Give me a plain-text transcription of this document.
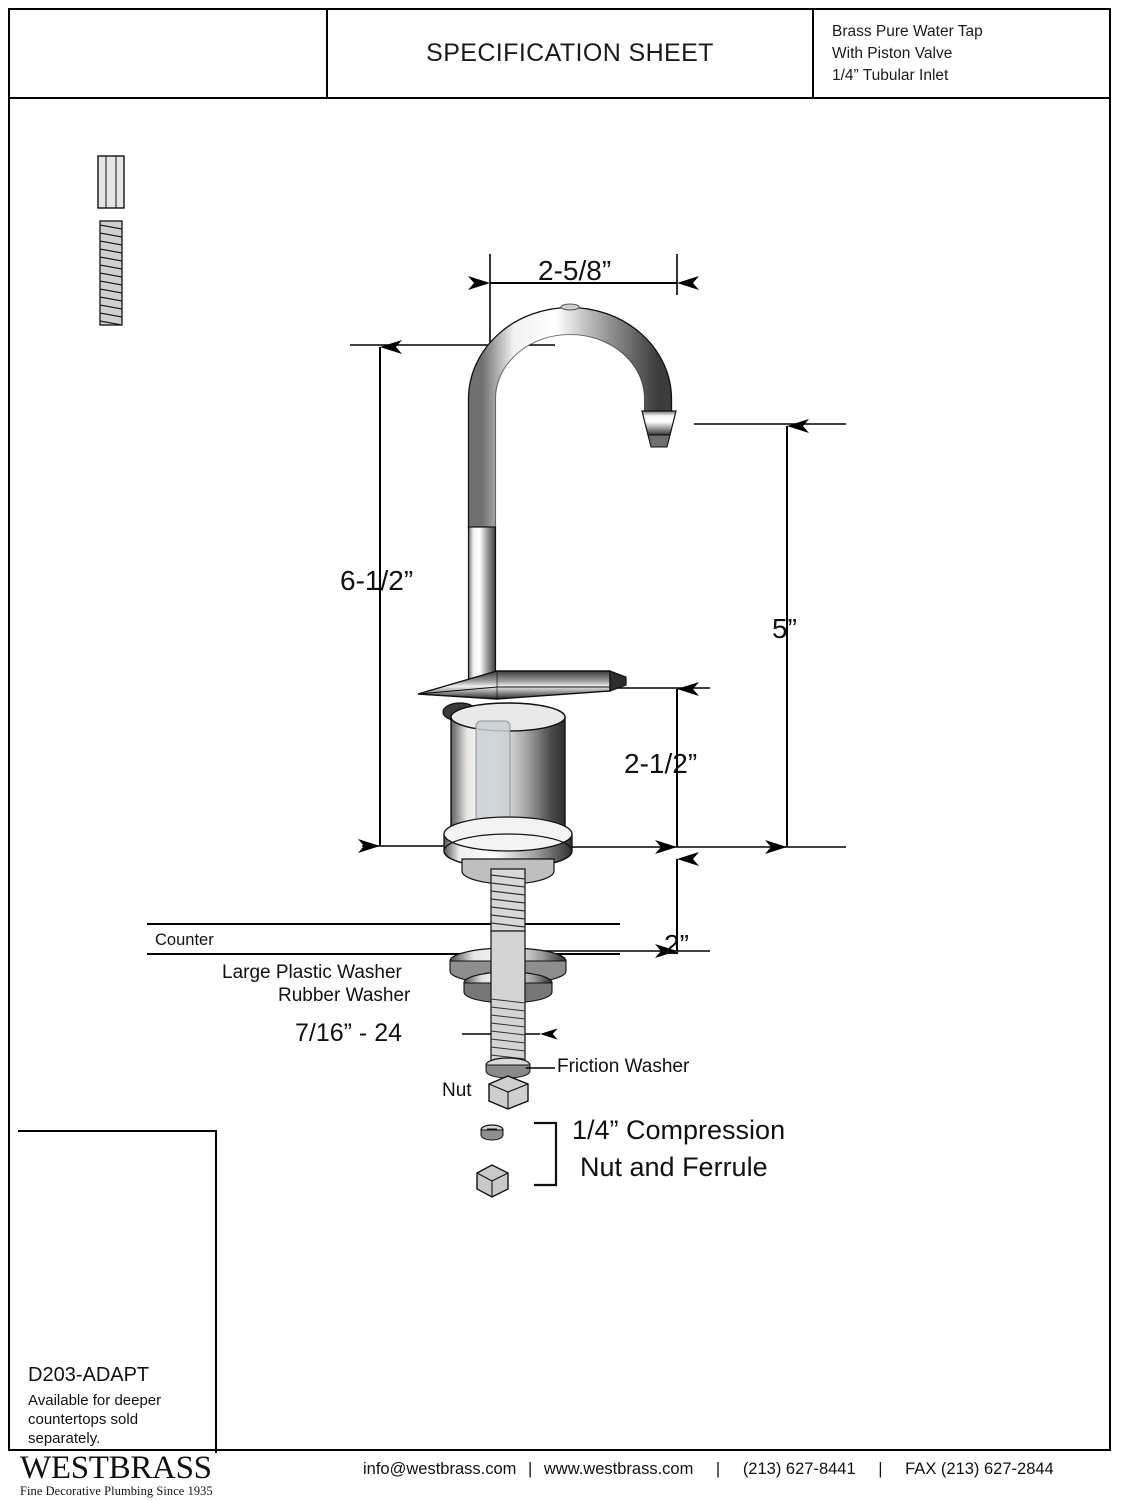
SPECIFICATION SHEET
Brass Pure Water Tap
With Piston Valve
1/4” Tubular Inlet
2-5/8”
6-1/2”
5”
2-1/2”
2”
7/16” - 24
Counter
Large Plastic Washer
Rubber Washer
Friction Washer
Nut
1/4” Compression
Nut and Ferrule
D203-ADAPT
Available for deeper countertops sold separately.
WESTBRASS
Fine Decorative Plumbing Since 1935
info@westbrass.com | www.westbrass.com | (213) 627-8441 | FAX (213) 627-2844
